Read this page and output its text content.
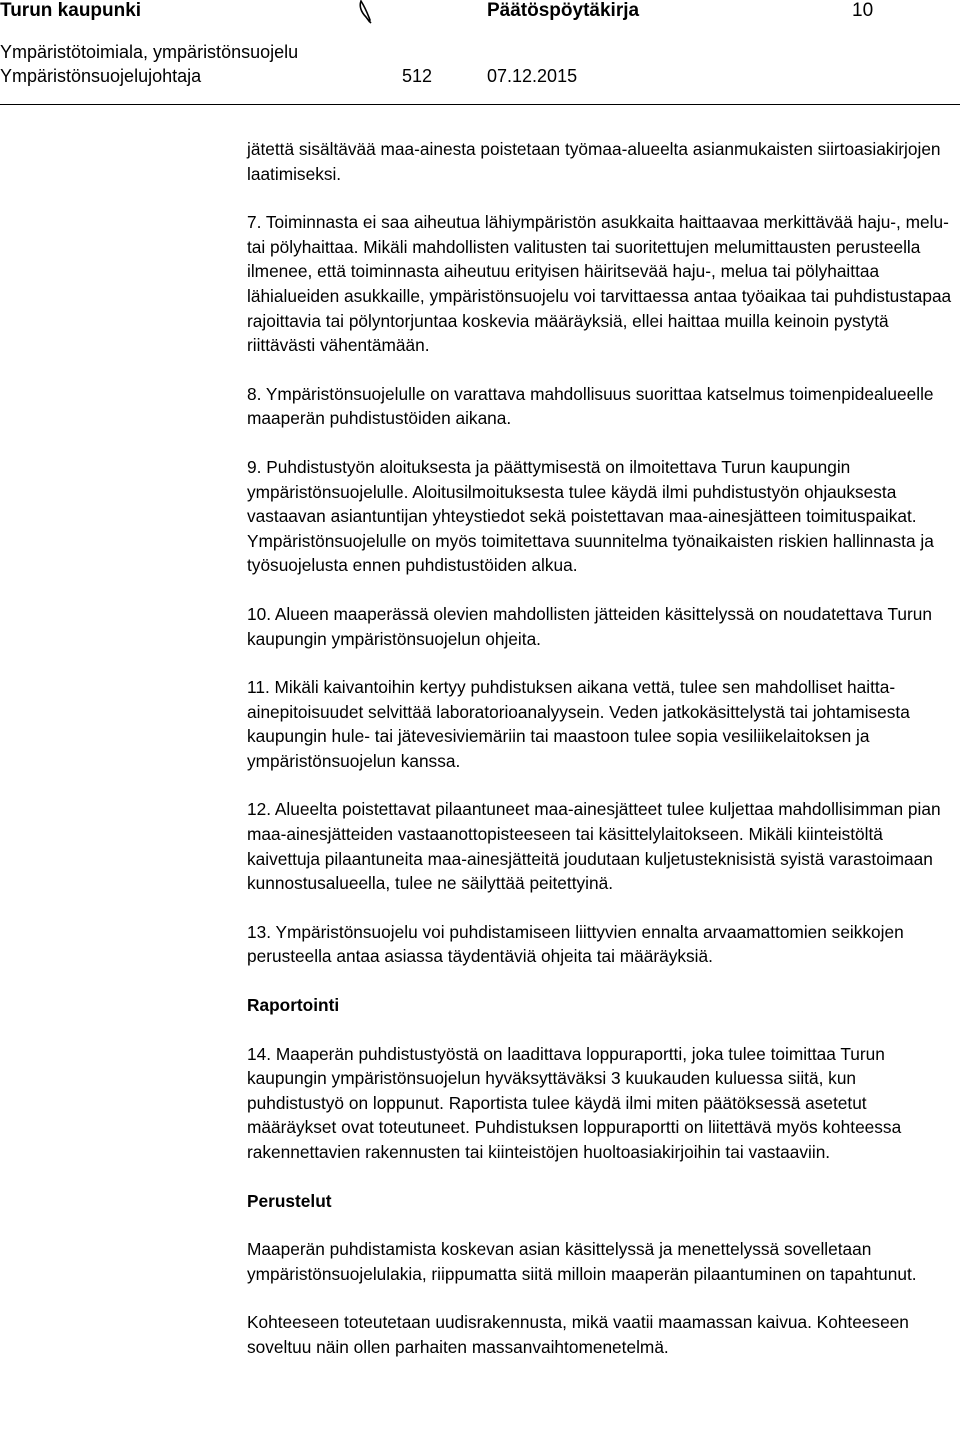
Turun kaupunki	Päätöspöytäkirja	10
Ympäristötoimiala, ympäristönsuojelu
Ympäristönsuojelujohtaja	512	07.12.2015

jätettä sisältävää maa-ainesta poistetaan työmaa-alueelta asianmukaisten siirtoasiakirjojen laatimiseksi.

7. Toiminnasta ei saa aiheutua lähiympäristön asukkaita haittaavaa merkittävää haju-, melu- tai pölyhaittaa. Mikäli mahdollisten valitusten tai suoritettujen melumittausten perusteella ilmenee, että toiminnasta aiheutuu erityisen häiritsevää haju-, melua tai pölyhaittaa lähialueiden asukkaille, ympäristönsuojelu voi tarvittaessa antaa työaikaa tai puhdistustapaa rajoittavia tai pölyntorjuntaa koskevia määräyksiä, ellei haittaa muilla keinoin pystytä riittävästi vähentämään.

8. Ympäristönsuojelulle on varattava mahdollisuus suorittaa katselmus toimenpidealueelle maaperän puhdistustöiden aikana.

9. Puhdistustyön aloituksesta ja päättymisestä on ilmoitettava Turun kaupungin ympäristönsuojelulle. Aloitusilmoituksesta tulee käydä ilmi puhdistustyön ohjauksesta vastaavan asiantuntijan yhteystiedot sekä poistettavan maa-ainesjätteen toimituspaikat. Ympäristönsuojelulle on myös toimitettava suunnitelma työnaikaisten riskien hallinnasta ja työsuojelusta ennen puhdistustöiden alkua.

10. Alueen maaperässä olevien mahdollisten jätteiden käsittelyssä on noudatettava Turun kaupungin ympäristönsuojelun ohjeita.

11. Mikäli kaivantoihin kertyy puhdistuksen aikana vettä, tulee sen mahdolliset haitta-ainepitoisuudet selvittää laboratorioanalyysein. Veden jatkokäsittelystä tai johtamisesta kaupungin hule- tai jätevesiviemäriin tai maastoon tulee sopia vesiliikelaitoksen ja ympäristönsuojelun kanssa.

12. Alueelta poistettavat pilaantuneet maa-ainesjätteet tulee kuljettaa mahdollisimman pian maa-ainesjätteiden vastaanottopisteeseen tai käsittelylaitokseen. Mikäli kiinteistöltä kaivettuja pilaantuneita maa-ainesjätteitä joudutaan kuljetusteknisistä syistä varastoimaan kunnostusalueella, tulee ne säilyttää peitettyinä.

13. Ympäristönsuojelu voi puhdistamiseen liittyvien ennalta arvaamattomien seikkojen perusteella antaa asiassa täydentäviä ohjeita tai määräyksiä.

Raportointi

14. Maaperän puhdistustyöstä on laadittava loppuraportti, joka tulee toimittaa Turun kaupungin ympäristönsuojelun hyväksyttäväksi 3 kuukauden kuluessa siitä, kun puhdistustyö on loppunut. Raportista tulee käydä ilmi miten päätöksessä asetetut määräykset ovat toteutuneet. Puhdistuksen loppuraportti on liitettävä myös kohteessa rakennettavien rakennusten tai kiinteistöjen huoltoasiakirjoihin tai vastaaviin.

Perustelut

Maaperän puhdistamista koskevan asian käsittelyssä ja menettelyssä sovelletaan ympäristönsuojelulakia, riippumatta siitä milloin maaperän pilaantuminen on tapahtunut.

Kohteeseen toteutetaan uudisrakennusta, mikä vaatii maamassan kaivua. Kohteeseen soveltuu näin ollen parhaiten massanvaihtomenetelmä.
